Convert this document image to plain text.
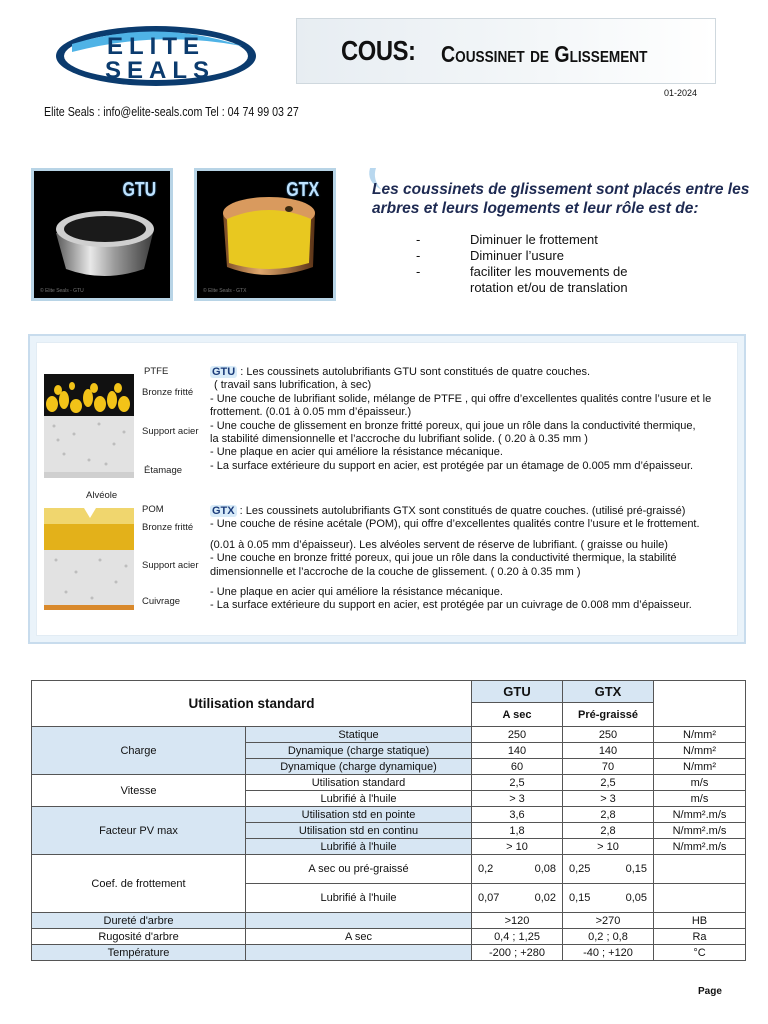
ELITE
SEALS
Elite Seals : info@elite-seals.com Tel : 04 74 99 03 27
COUS: Coussinet de Glissement
01-2024
GTU
© Elite Seals - GTU
GTX
© Elite Seals - GTX
Les coussinets de glissement sont placés entre les arbres et leurs logements et leur rôle est de:
-	Diminuer le frottement
-	Diminuer l’usure
-	faciliter les mouvements de
rotation et/ou de translation
PTFE
Bronze fritté
Support acier
Étamage
GTU : Les coussinets autolubrifiants GTU sont constitués de quatre couches.
( travail sans lubrification, à sec)
- Une couche de lubrifiant solide, mélange de PTFE , qui offre d’excellentes qualités contre l’usure et le
frottement. (0.01 à 0.05 mm d’épaisseur.)
- Une couche de glissement en bronze fritté poreux, qui joue un rôle dans la conductivité thermique,
la stabilité dimensionnelle et l’accroche du lubrifiant solide. ( 0.20 à 0.35 mm )
- Une plaque en acier qui améliore la résistance mécanique.
- La surface extérieure du support en acier, est protégée par un étamage de 0.005 mm d’épaisseur.
Alvéole
POM
Bronze fritté
Support acier
Cuivrage
GTX : Les coussinets autolubrifiants GTX sont constitués de quatre couches. (utilisé pré-graissé)
- Une couche de résine acétale (POM), qui offre d’excellentes qualités contre l’usure et le frottement.
(0.01 à 0.05 mm d’épaisseur). Les alvéoles servent de réserve de lubrifiant. ( graisse ou huile)
- Une couche en bronze fritté poreux, qui joue un rôle dans la conductivité thermique, la stabilité
dimensionnelle et l’accroche de la couche de glissement. ( 0.20 à 0.35 mm )
- Une plaque en acier qui améliore la résistance mécanique.
- La surface extérieure du support en acier, est protégée par un cuivrage de 0.008 mm d’épaisseur.
Utilisation standard		GTU	GTX	
		A sec	Pré-graissé	
Charge	Statique	250	250	N/mm²
	Dynamique (charge statique)	140	140	N/mm²
	Dynamique (charge dynamique)	60	70	N/mm²
Vitesse	Utilisation standard	2,5	2,5	m/s
	Lubrifié à l'huile	> 3	> 3	m/s
Facteur PV max	Utilisation std en pointe	3,6	2,8	N/mm².m/s
	Utilisation std en continu	1,8	2,8	N/mm².m/s
	Lubrifié à l'huile	> 10	> 10	N/mm².m/s
Coef. de frottement	A sec ou pré-graissé	0,2 0,08	0,25 0,15	

	Lubrifié à l'huile	0,07 0,02	0,15 0,05	

Dureté d'arbre		>120	>270	HB
Rugosité d'arbre	A sec	0,4 ; 1,25	0,2 ; 0,8	Ra
Température		-200 ; +280	-40 ; +120	°C
Page
